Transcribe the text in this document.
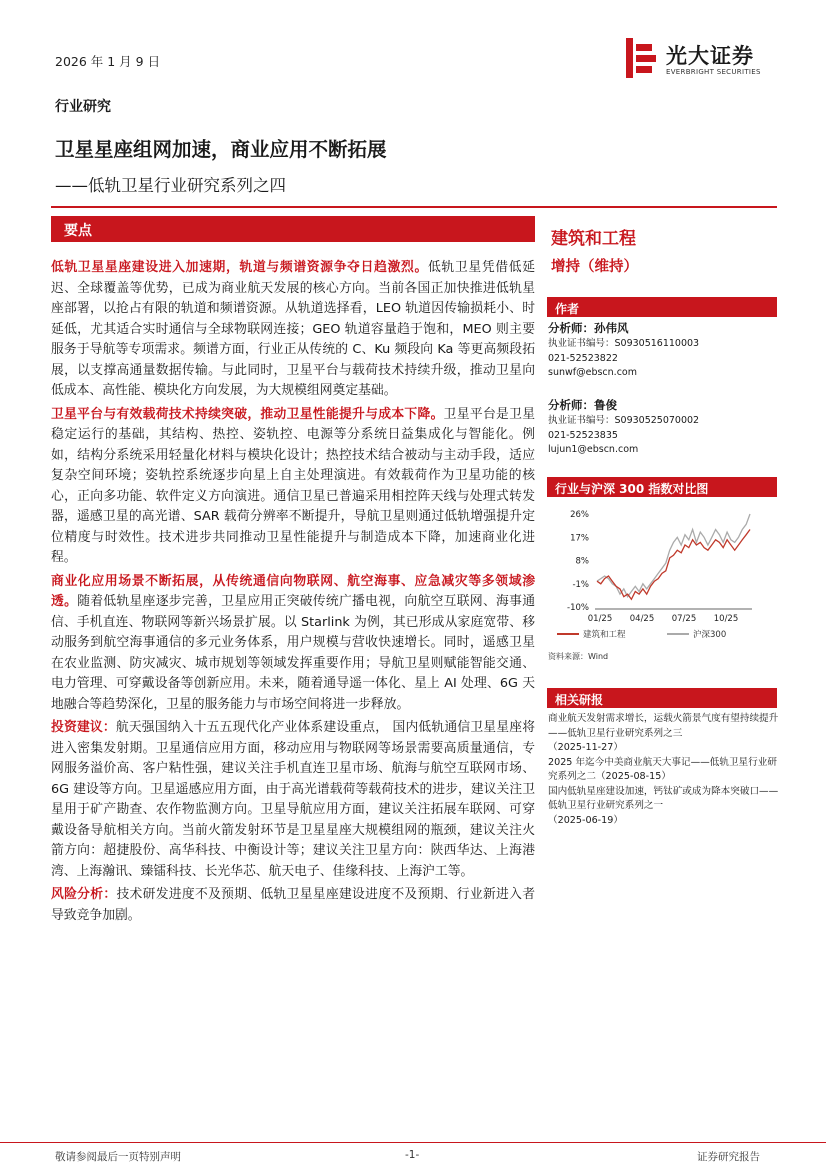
2026 年 1 月 9 日	光大证券
EVERBRIGHT SECURITIES
行业研究
卫星星座组网加速，商业应用不断拓展
——低轨卫星行业研究系列之四
要点

低轨卫星星座建设进入加速期，轨道与频谱资源争夺日趋激烈。低轨卫星凭借低延迟、全球覆盖等优势，已成为商业航天发展的核心方向。当前各国正加快推进低轨星座部署，以抢占有限的轨道和频谱资源。从轨道选择看，LEO 轨道因传输损耗小、时延低，尤其适合实时通信与全球物联网连接；GEO 轨道容量趋于饱和，MEO 则主要服务于导航等专项需求。频谱方面，行业正从传统的 C、Ku 频段向 Ka 等更高频段拓展，以支撑高通量数据传输。与此同时，卫星平台与载荷技术持续升级，推动卫星向低成本、高性能、模块化方向发展，为大规模组网奠定基础。

卫星平台与有效载荷技术持续突破，推动卫星性能提升与成本下降。卫星平台是卫星稳定运行的基础，其结构、热控、姿轨控、电源等分系统日益集成化与智能化。例如，结构分系统采用轻量化材料与模块化设计；热控技术结合被动与主动手段，适应复杂空间环境；姿轨控系统逐步向星上自主处理演进。有效载荷作为卫星功能的核心，正向多功能、软件定义方向演进。通信卫星已普遍采用相控阵天线与处理式转发器，遥感卫星的高光谱、SAR 载荷分辨率不断提升，导航卫星则通过低轨增强提升定位精度与时效性。技术进步共同推动卫星性能提升与制造成本下降，加速商业化进程。

商业化应用场景不断拓展，从传统通信向物联网、航空海事、应急减灾等多领域渗透。随着低轨星座逐步完善，卫星应用正突破传统广播电视，向航空互联网、海事通信、手机直连、物联网等新兴场景扩展。以 Starlink 为例，其已形成从家庭宽带、移动服务到航空海事通信的多元业务体系，用户规模与营收快速增长。同时，遥感卫星在农业监测、防灾减灾、城市规划等领域发挥重要作用；导航卫星则赋能智能交通、电力管理、可穿戴设备等创新应用。未来，随着通导遥一体化、星上 AI 处理、6G 天地融合等趋势深化，卫星的服务能力与市场空间将进一步释放。

投资建议：航天强国纳入十五五现代化产业体系建设重点， 国内低轨通信卫星星座将进入密集发射期。卫星通信应用方面，移动应用与物联网等场景需要高质量通信，专网服务溢价高、客户粘性强，建议关注手机直连卫星市场、航海与航空互联网市场、6G 建设等方向。卫星遥感应用方面，由于高光谱载荷等载荷技术的进步，建议关注卫星用于矿产勘查、农作物监测方向。卫星导航应用方面，建议关注拓展车联网、可穿戴设备导航相关方向。当前火箭发射环节是卫星星座大规模组网的瓶颈，建议关注火箭方向：超捷股份、高华科技、中衡设计等；建议关注卫星方向：陕西华达、上海港湾、上海瀚讯、臻镭科技、长光华芯、航天电子、佳缘科技、上海沪工等。

风险分析：技术研发进度不及预期、低轨卫星星座建设进度不及预期、行业新进入者导致竞争加剧。

建筑和工程
增持（维持）
作者
分析师：孙伟风
执业证书编号：S0930516110003
021-52523822
sunwf@ebscn.com
分析师：鲁俊
执业证书编号：S0930525070002
021-52523835
lujun1@ebscn.com
行业与沪深 300 指数对比图
26%
17%
8%
-1%
-10%
01/25 04/25 07/25 10/25
建筑和工程	沪深300
资料来源：Wind
相关研报

商业航天发射需求增长，运载火箭景气度有望持续提升——低轨卫星行业研究系列之三

（2025-11-27）

2025 年迄今中美商业航天大事记——低轨卫星行业研究系列之二（2025-08-15）

国内低轨星座建设加速，钙钛矿或成为降本突破口——低轨卫星行业研究系列之一

（2025-06-19）

敬请参阅最后一页特别声明	-1-	证券研究报告
